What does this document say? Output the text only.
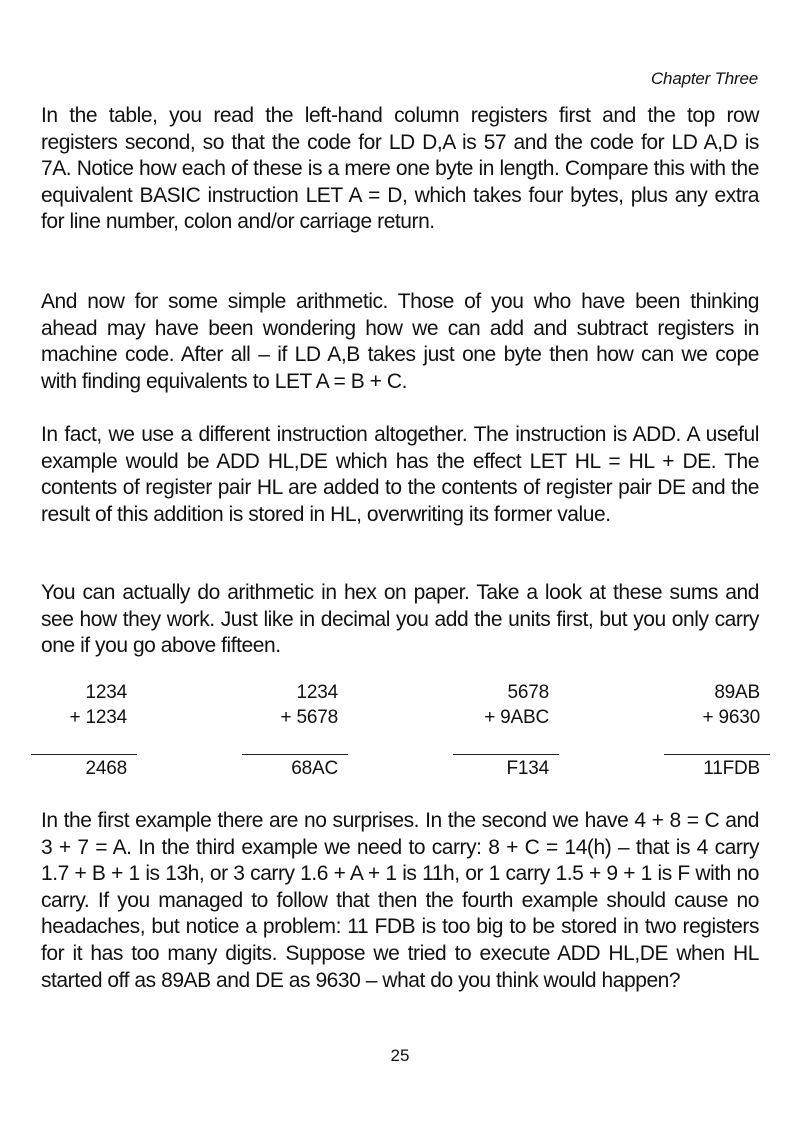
Chapter Three

In the table, you read the left-hand column registers first and the top row registers second, so that the code for LD D,A is 57 and the code for LD A,D is 7A. Notice how each of these is a mere one byte in length. Compare this with the equivalent BASIC instruction LET A = D, which takes four bytes, plus any extra for line number, colon and/or carriage return.

And now for some simple arithmetic. Those of you who have been thinking ahead may have been wondering how we can add and subtract registers in machine code. After all – if LD A,B takes just one byte then how can we cope with finding equivalents to LET A = B + C.

In fact, we use a different instruction altogether. The instruction is ADD. A useful example would be ADD HL,DE which has the effect LET HL = HL + DE. The contents of register pair HL are added to the contents of register pair DE and the result of this addition is stored in HL, overwriting its former value.

You can actually do arithmetic in hex on paper. Take a look at these sums and see how they work. Just like in decimal you add the units first, but you only carry one if you go above fifteen.

1234
+ 1234
2468
1234
+ 5678
68AC
5678
+ 9ABC
F134
89AB
+ 9630
11FDB

In the first example there are no surprises. In the second we have 4 + 8 = C and 3 + 7 = A. In the third example we need to carry: 8 + C = 14(h) – that is 4 carry 1.7 + B + 1 is 13h, or 3 carry 1.6 + A + 1 is 11h, or 1 carry 1.5 + 9 + 1 is F with no carry. If you managed to follow that then the fourth example should cause no headaches, but notice a problem: 11 FDB is too big to be stored in two registers for it has too many digits. Suppose we tried to execute ADD HL,DE when HL started off as 89AB and DE as 9630 – what do you think would happen?

25
